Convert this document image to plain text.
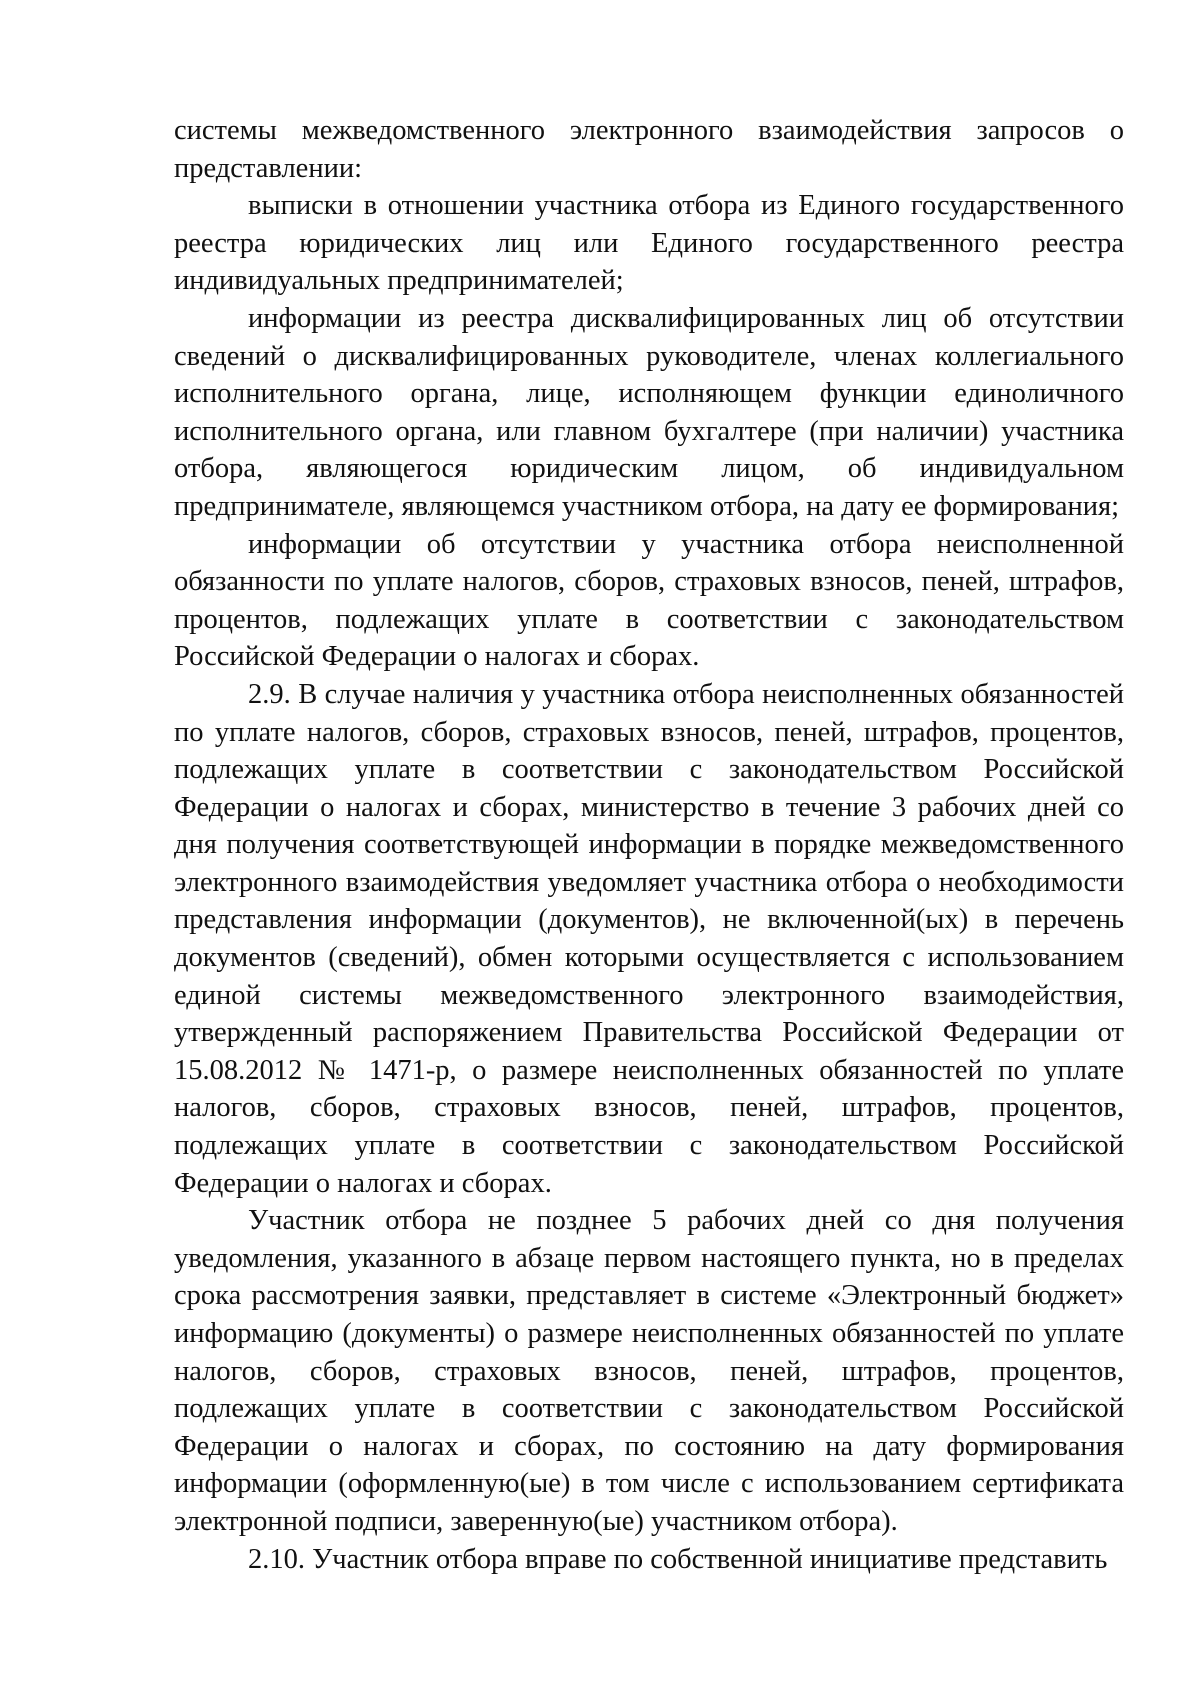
системы межведомственного электронного взаимодействия запросов о представлении:

выписки в отношении участника отбора из Единого государственного реестра юридических лиц или Единого государственного реестра индивидуальных предпринимателей;

информации из реестра дисквалифицированных лиц об отсутствии сведений о дисквалифицированных руководителе, членах коллегиального исполнительного органа, лице, исполняющем функции единоличного исполнительного органа, или главном бухгалтере (при наличии) участника отбора, являющегося юридическим лицом, об индивидуальном предпринимателе, являющемся участником отбора, на дату ее формирования;

информации об отсутствии у участника отбора неисполненной обязанности по уплате налогов, сборов, страховых взносов, пеней, штрафов, процентов, подлежащих уплате в соответствии с законодательством Российской Федерации о налогах и сборах.

2.9. В случае наличия у участника отбора неисполненных обязанностей по уплате налогов, сборов, страховых взносов, пеней, штрафов, процентов, подлежащих уплате в соответствии с законодательством Российской Федерации о налогах и сборах, министерство в течение 3 рабочих дней со дня получения соответствующей информации в порядке межведомственного электронного взаимодействия уведомляет участника отбора о необходимости представления информации (документов), не включенной(ых) в перечень документов (сведений), обмен которыми осуществляется с использованием единой системы межведомственного электронного взаимодействия, утвержденный распоряжением Правительства Российской Федерации от 15.08.2012 № 1471-р, о размере неисполненных обязанностей по уплате налогов, сборов, страховых взносов, пеней, штрафов, процентов, подлежащих уплате в соответствии с законодательством Российской Федерации о налогах и сборах.

Участник отбора не позднее 5 рабочих дней со дня получения уведомления, указанного в абзаце первом настоящего пункта, но в пределах срока рассмотрения заявки, представляет в системе «Электронный бюджет» информацию (документы) о размере неисполненных обязанностей по уплате налогов, сборов, страховых взносов, пеней, штрафов, процентов, подлежащих уплате в соответствии с законодательством Российской Федерации о налогах и сборах, по состоянию на дату формирования информации (оформленную(ые) в том числе с использованием сертификата электронной подписи, заверенную(ые) участником отбора).

2.10. Участник отбора вправе по собственной инициативе представить
